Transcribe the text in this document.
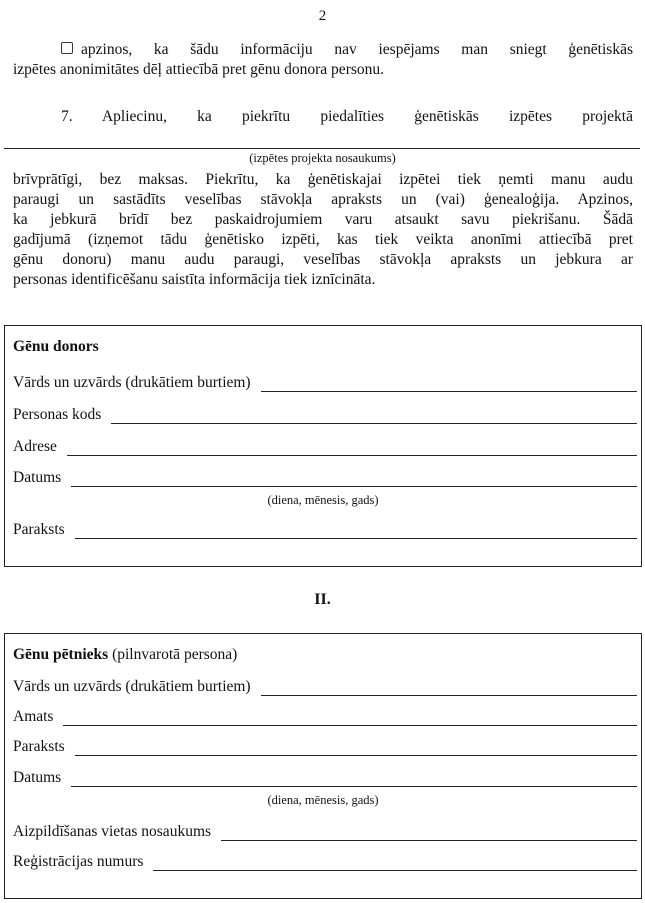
2
apzinos, ka šādu informāciju nav iespējams man sniegt ģenētiskās
izpētes anonimitātes dēļ attiecībā pret gēnu donora personu.
7. Apliecinu, ka piekrītu piedalīties ģenētiskās izpētes projektā
(izpētes projekta nosaukums)
brīvprātīgi, bez maksas. Piekrītu, ka ģenētiskajai izpētei tiek ņemti manu audu
paraugi un sastādīts veselības stāvokļa apraksts un (vai) ģenealoģija. Apzinos,
ka jebkurā brīdī bez paskaidrojumiem varu atsaukt savu piekrišanu. Šādā
gadījumā (izņemot tādu ģenētisko izpēti, kas tiek veikta anonīmi attiecībā pret
gēnu donoru) manu audu paraugi, veselības stāvokļa apraksts un jebkura ar
personas identificēšanu saistīta informācija tiek iznīcināta.
Gēnu donors
Vārds un uzvārds (drukātiem burtiem)
Personas kods
Adrese
Datums
(diena, mēnesis, gads)
Paraksts
II.
Gēnu pētnieks (pilnvarotā persona)
Vārds un uzvārds (drukātiem burtiem)
Amats
Paraksts
Datums
(diena, mēnesis, gads)
Aizpildīšanas vietas nosaukums
Reģistrācijas numurs
